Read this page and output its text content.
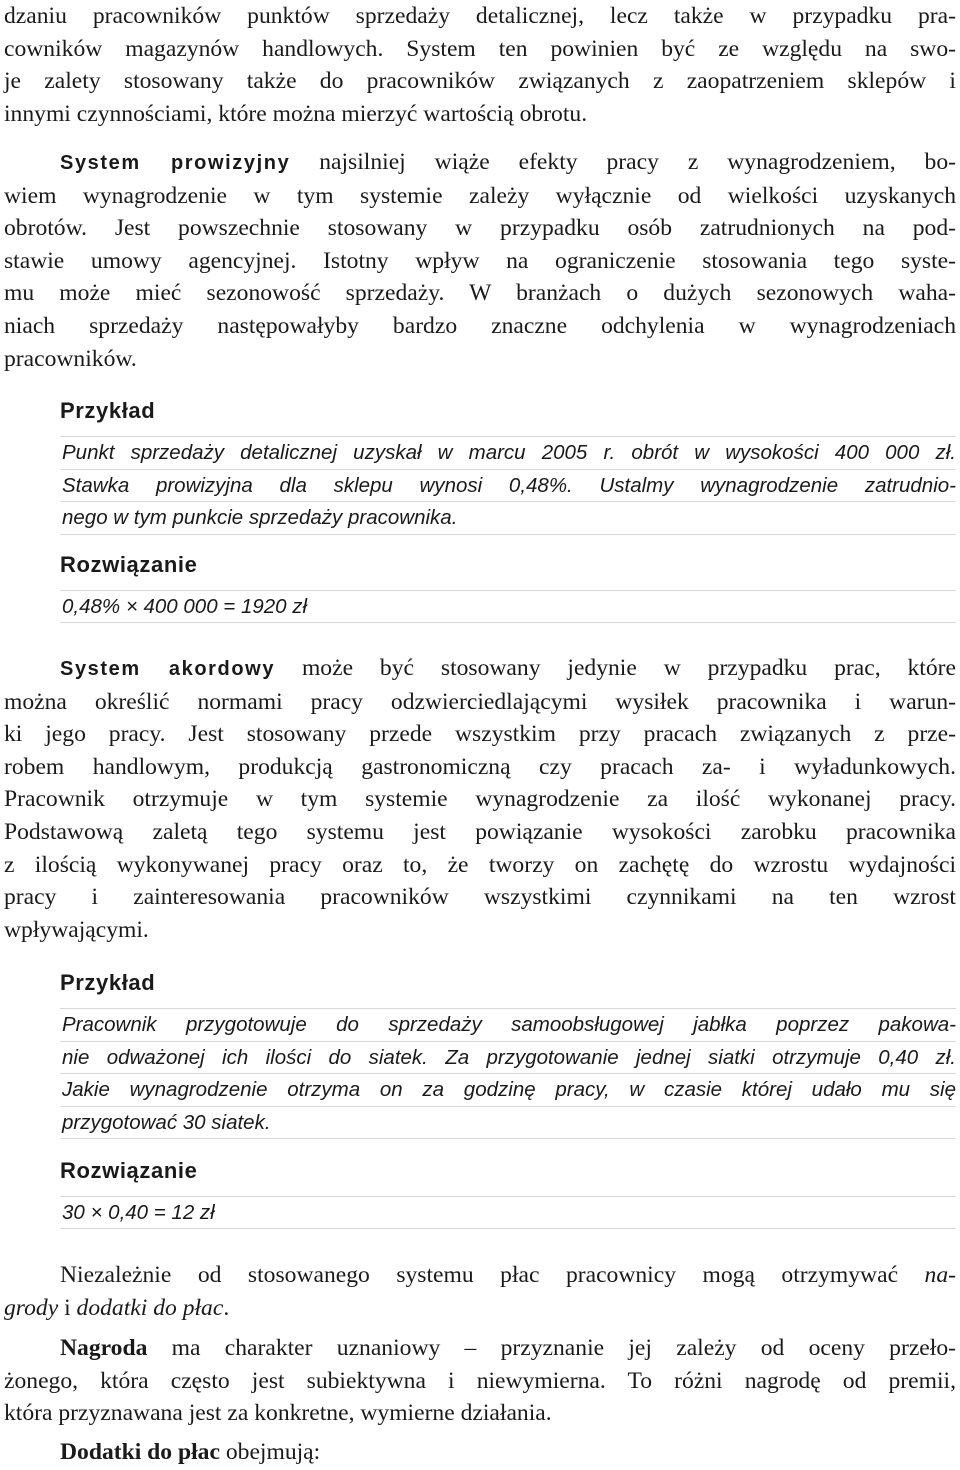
dzaniu pracowników punktów sprzedaży detalicznej, lecz także w przypadku pra-
cowników magazynów handlowych. System ten powinien być ze względu na swo-
je zalety stosowany także do pracowników związanych z zaopatrzeniem sklepów i
innymi czynnościami, które można mierzyć wartością obrotu.
System prowizyjny najsilniej wiąże efekty pracy z wynagrodzeniem, bo-
wiem wynagrodzenie w tym systemie zależy wyłącznie od wielkości uzyskanych
obrotów. Jest powszechnie stosowany w przypadku osób zatrudnionych na pod-
stawie umowy agencyjnej. Istotny wpływ na ograniczenie stosowania tego syste-
mu może mieć sezonowość sprzedaży. W branżach o dużych sezonowych waha-
niach sprzedaży następowałyby bardzo znaczne odchylenia w wynagrodzeniach
pracowników.
Przykład
Punkt sprzedaży detalicznej uzyskał w marcu 2005 r. obrót w wysokości 400 000 zł.
Stawka prowizyjna dla sklepu wynosi 0,48%. Ustalmy wynagrodzenie zatrudnio-
nego w tym punkcie sprzedaży pracownika.
Rozwiązanie
0,48% × 400 000 = 1920 zł
System akordowy może być stosowany jedynie w przypadku prac, które
można określić normami pracy odzwierciedlającymi wysiłek pracownika i warun-
ki jego pracy. Jest stosowany przede wszystkim przy pracach związanych z prze-
robem handlowym, produkcją gastronomiczną czy pracach za- i wyładunkowych.
Pracownik otrzymuje w tym systemie wynagrodzenie za ilość wykonanej pracy.
Podstawową zaletą tego systemu jest powiązanie wysokości zarobku pracownika
z ilością wykonywanej pracy oraz to, że tworzy on zachętę do wzrostu wydajności
pracy i zainteresowania pracowników wszystkimi czynnikami na ten wzrost
wpływającymi.
Przykład
Pracownik przygotowuje do sprzedaży samoobsługowej jabłka poprzez pakowa-
nie odważonej ich ilości do siatek. Za przygotowanie jednej siatki otrzymuje 0,40 zł.
Jakie wynagrodzenie otrzyma on za godzinę pracy, w czasie której udało mu się
przygotować 30 siatek.
Rozwiązanie
30 × 0,40 = 12 zł
Niezależnie od stosowanego systemu płac pracownicy mogą otrzymywać na-
grody i dodatki do płac.
Nagroda ma charakter uznaniowy – przyznanie jej zależy od oceny przeło-
żonego, która często jest subiektywna i niewymierna. To różni nagrodę od premii,
która przyznawana jest za konkretne, wymierne działania.
Dodatki do płac obejmują:
